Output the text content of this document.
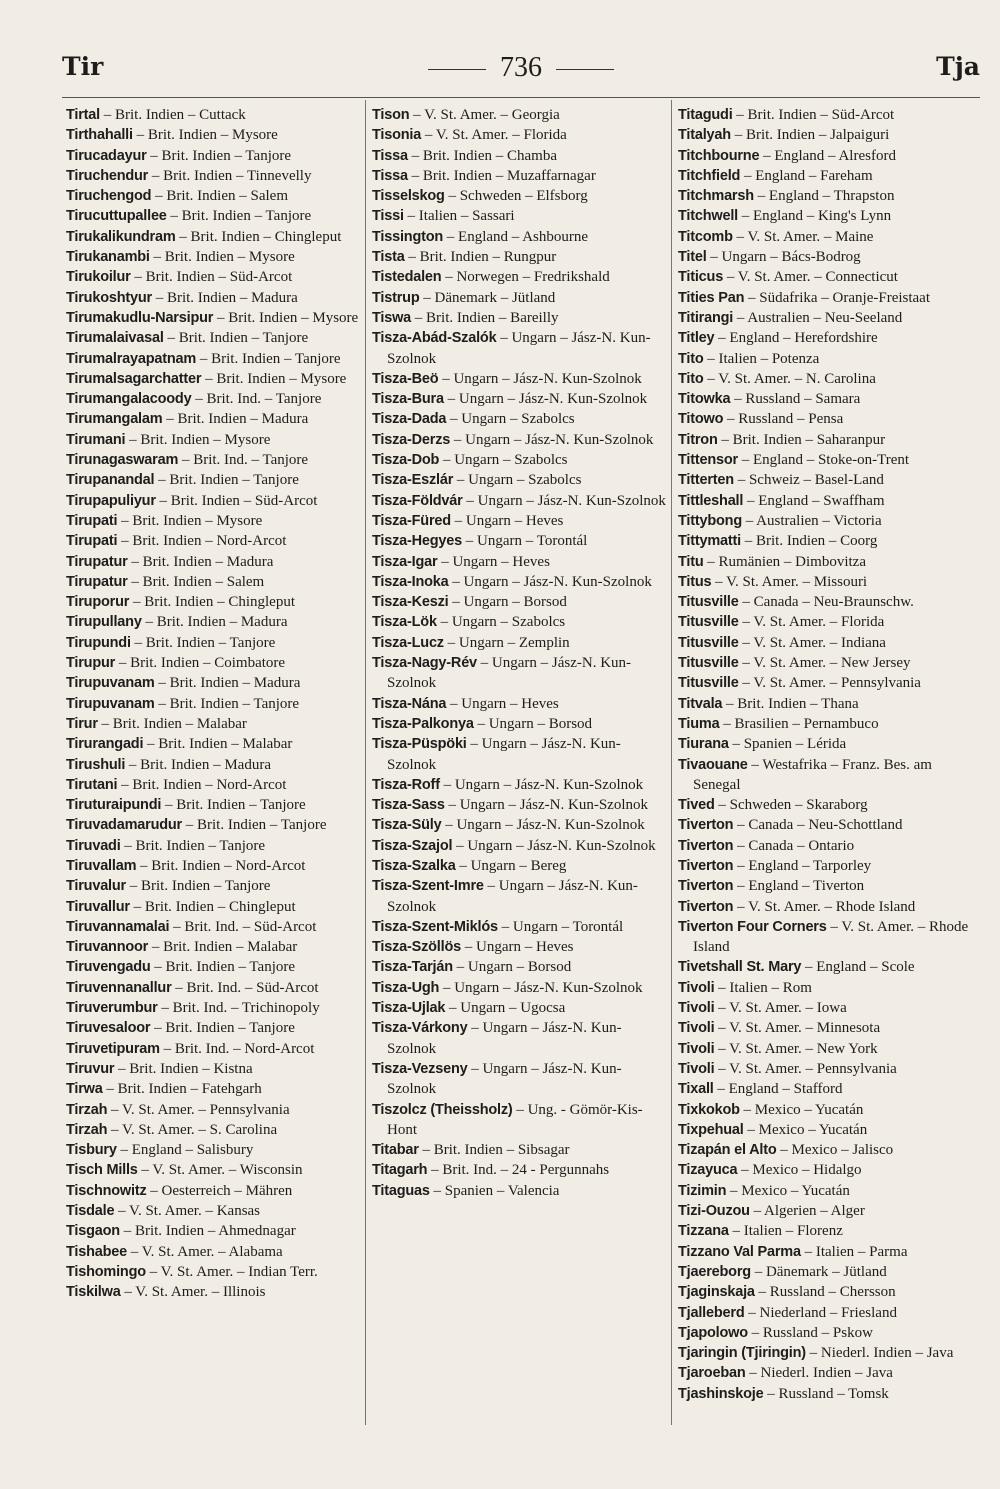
Tir	736	Tja
Tirtal – Brit. Indien – Cuttack
Tirthahalli – Brit. Indien – Mysore
Tirucadayur – Brit. Indien – Tanjore
Tiruchendur – Brit. Indien – Tinnevelly
Tiruchengod – Brit. Indien – Salem
Tirucuttupallee – Brit. Indien – Tanjore
Tirukalikundram – Brit. Indien – Chingleput
Tirukanambi – Brit. Indien – Mysore
Tirukoilur – Brit. Indien – Süd-Arcot
Tirukoshtyur – Brit. Indien – Madura
Tirumakudlu-Narsipur – Brit. Indien – Mysore
Tirumalaivasal – Brit. Indien – Tanjore
Tirumalrayapatnam – Brit. Indien – Tanjore
Tirumalsagarchatter – Brit. Indien – Mysore
Tirumangalacoody – Brit. Ind. – Tanjore
Tirumangalam – Brit. Indien – Madura
Tirumani – Brit. Indien – Mysore
Tirunagaswaram – Brit. Ind. – Tanjore
Tirupanandal – Brit. Indien – Tanjore
Tirupapuliyur – Brit. Indien – Süd-Arcot
Tirupati – Brit. Indien – Mysore
Tirupati – Brit. Indien – Nord-Arcot
Tirupatur – Brit. Indien – Madura
Tirupatur – Brit. Indien – Salem
Tiruporur – Brit. Indien – Chingleput
Tirupullany – Brit. Indien – Madura
Tirupundi – Brit. Indien – Tanjore
Tirupur – Brit. Indien – Coimbatore
Tirupuvanam – Brit. Indien – Madura
Tirupuvanam – Brit. Indien – Tanjore
Tirur – Brit. Indien – Malabar
Tirurangadi – Brit. Indien – Malabar
Tirushuli – Brit. Indien – Madura
Tirutani – Brit. Indien – Nord-Arcot
Tiruturaipundi – Brit. Indien – Tanjore
Tiruvadamarudur – Brit. Indien – Tanjore
Tiruvadi – Brit. Indien – Tanjore
Tiruvallam – Brit. Indien – Nord-Arcot
Tiruvalur – Brit. Indien – Tanjore
Tiruvallur – Brit. Indien – Chingleput
Tiruvannamalai – Brit. Ind. – Süd-Arcot
Tiruvannoor – Brit. Indien – Malabar
Tiruvengadu – Brit. Indien – Tanjore
Tiruvennanallur – Brit. Ind. – Süd-Arcot
Tiruverumbur – Brit. Ind. – Trichinopoly
Tiruvesaloor – Brit. Indien – Tanjore
Tiruvetipuram – Brit. Ind. – Nord-Arcot
Tiruvur – Brit. Indien – Kistna
Tirwa – Brit. Indien – Fatehgarh
Tirzah – V. St. Amer. – Pennsylvania
Tirzah – V. St. Amer. – S. Carolina
Tisbury – England – Salisbury
Tisch Mills – V. St. Amer. – Wisconsin
Tischnowitz – Oesterreich – Mähren
Tisdale – V. St. Amer. – Kansas
Tisgaon – Brit. Indien – Ahmednagar
Tishabee – V. St. Amer. – Alabama
Tishomingo – V. St. Amer. – Indian Terr.
Tiskilwa – V. St. Amer. – Illinois
Tison – V. St. Amer. – Georgia
Tisonia – V. St. Amer. – Florida
Tissa – Brit. Indien – Chamba
Tissa – Brit. Indien – Muzaffarnagar
Tisselskog – Schweden – Elfsborg
Tissi – Italien – Sassari
Tissington – England – Ashbourne
Tista – Brit. Indien – Rungpur
Tistedalen – Norwegen – Fredrikshald
Tistrup – Dänemark – Jütland
Tiswa – Brit. Indien – Bareilly
Tisza-Abád-Szalók – Ungarn – Jász-N. Kun-Szolnok
Tisza-Beö – Ungarn – Jász-N. Kun-Szolnok
Tisza-Bura – Ungarn – Jász-N. Kun-Szolnok
Tisza-Dada – Ungarn – Szabolcs
Tisza-Derzs – Ungarn – Jász-N. Kun-Szolnok
Tisza-Dob – Ungarn – Szabolcs
Tisza-Eszlár – Ungarn – Szabolcs
Tisza-Földvár – Ungarn – Jász-N. Kun-Szolnok
Tisza-Füred – Ungarn – Heves
Tisza-Hegyes – Ungarn – Torontál
Tisza-Igar – Ungarn – Heves
Tisza-Inoka – Ungarn – Jász-N. Kun-Szolnok
Tisza-Keszi – Ungarn – Borsod
Tisza-Lök – Ungarn – Szabolcs
Tisza-Lucz – Ungarn – Zemplin
Tisza-Nagy-Rév – Ungarn – Jász-N. Kun-Szolnok
Tisza-Nána – Ungarn – Heves
Tisza-Palkonya – Ungarn – Borsod
Tisza-Püspöki – Ungarn – Jász-N. Kun-Szolnok
Tisza-Roff – Ungarn – Jász-N. Kun-Szolnok
Tisza-Sass – Ungarn – Jász-N. Kun-Szolnok
Tisza-Süly – Ungarn – Jász-N. Kun-Szolnok
Tisza-Szajol – Ungarn – Jász-N. Kun-Szolnok
Tisza-Szalka – Ungarn – Bereg
Tisza-Szent-Imre – Ungarn – Jász-N. Kun-Szolnok
Tisza-Szent-Miklós – Ungarn – Torontál
Tisza-Szöllös – Ungarn – Heves
Tisza-Tarján – Ungarn – Borsod
Tisza-Ugh – Ungarn – Jász-N. Kun-Szolnok
Tisza-Ujlak – Ungarn – Ugocsa
Tisza-Várkony – Ungarn – Jász-N. Kun-Szolnok
Tisza-Vezseny – Ungarn – Jász-N. Kun-Szolnok
Tiszolcz (Theissholz) – Ung. - Gömör-Kis-Hont
Titabar – Brit. Indien – Sibsagar
Titagarh – Brit. Ind. – 24 - Pergunnahs
Titaguas – Spanien – Valencia
Titagudi – Brit. Indien – Süd-Arcot
Titalyah – Brit. Indien – Jalpaiguri
Titchbourne – England – Alresford
Titchfield – England – Fareham
Titchmarsh – England – Thrapston
Titchwell – England – King's Lynn
Titcomb – V. St. Amer. – Maine
Titel – Ungarn – Bács-Bodrog
Titicus – V. St. Amer. – Connecticut
Tities Pan – Südafrika – Oranje-Freistaat
Titirangi – Australien – Neu-Seeland
Titley – England – Herefordshire
Tito – Italien – Potenza
Tito – V. St. Amer. – N. Carolina
Titowka – Russland – Samara
Titowo – Russland – Pensa
Titron – Brit. Indien – Saharanpur
Tittensor – England – Stoke-on-Trent
Titterten – Schweiz – Basel-Land
Tittleshall – England – Swaffham
Tittybong – Australien – Victoria
Tittymatti – Brit. Indien – Coorg
Titu – Rumänien – Dimbovitza
Titus – V. St. Amer. – Missouri
Titusville – Canada – Neu-Braunschw.
Titusville – V. St. Amer. – Florida
Titusville – V. St. Amer. – Indiana
Titusville – V. St. Amer. – New Jersey
Titusville – V. St. Amer. – Pennsylvania
Titvala – Brit. Indien – Thana
Tiuma – Brasilien – Pernambuco
Tiurana – Spanien – Lérida
Tivaouane – Westafrika – Franz. Bes. am Senegal
Tived – Schweden – Skaraborg
Tiverton – Canada – Neu-Schottland
Tiverton – Canada – Ontario
Tiverton – England – Tarporley
Tiverton – England – Tiverton
Tiverton – V. St. Amer. – Rhode Island
Tiverton Four Corners – V. St. Amer. – Rhode Island
Tivetshall St. Mary – England – Scole
Tivoli – Italien – Rom
Tivoli – V. St. Amer. – Iowa
Tivoli – V. St. Amer. – Minnesota
Tivoli – V. St. Amer. – New York
Tivoli – V. St. Amer. – Pennsylvania
Tixall – England – Stafford
Tixkokob – Mexico – Yucatán
Tixpehual – Mexico – Yucatán
Tizapán el Alto – Mexico – Jalisco
Tizayuca – Mexico – Hidalgo
Tizimin – Mexico – Yucatán
Tizi-Ouzou – Algerien – Alger
Tizzana – Italien – Florenz
Tizzano Val Parma – Italien – Parma
Tjaereborg – Dänemark – Jütland
Tjaginskaja – Russland – Chersson
Tjalleberd – Niederland – Friesland
Tjapolowo – Russland – Pskow
Tjaringin (Tjiringin) – Niederl. Indien – Java
Tjaroeban – Niederl. Indien – Java
Tjashinskoje – Russland – Tomsk
